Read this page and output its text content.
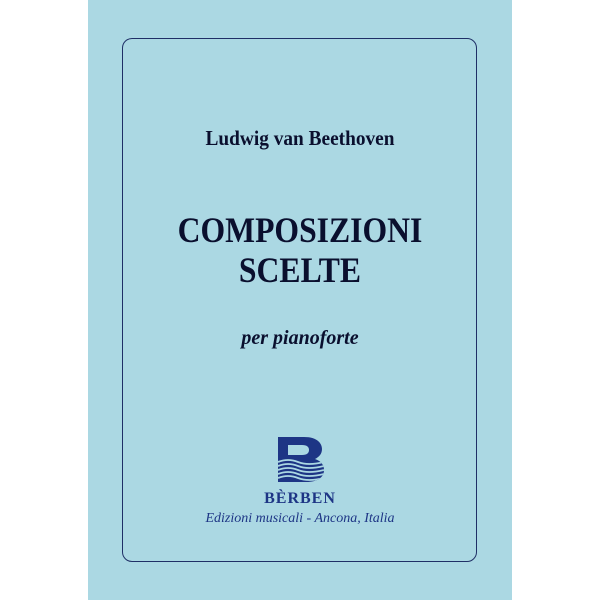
Ludwig van Beethoven
COMPOSIZIONI
SCELTE
per pianoforte
BÈRBEN
Edizioni musicali - Ancona, Italia
